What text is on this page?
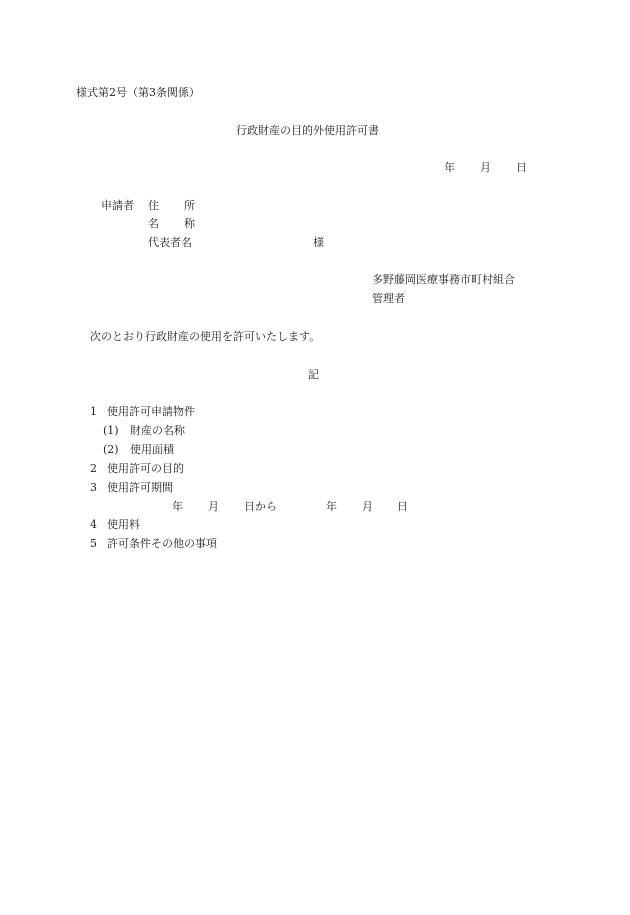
様式第2号（第3条関係）
行政財産の目的外使用許可書
年 月 日
申請者 住 所
名 称
代表者名	様
多野藤岡医療事務市町村組合
管理者
次のとおり行政財産の使用を許可いたします。
記
1 使用許可申請物件
(1) 財産の名称
(2) 使用面積
2 使用許可の目的
3 使用許可期間
年 月 日から	年 月 日
4 使用料
5 許可条件その他の事項
